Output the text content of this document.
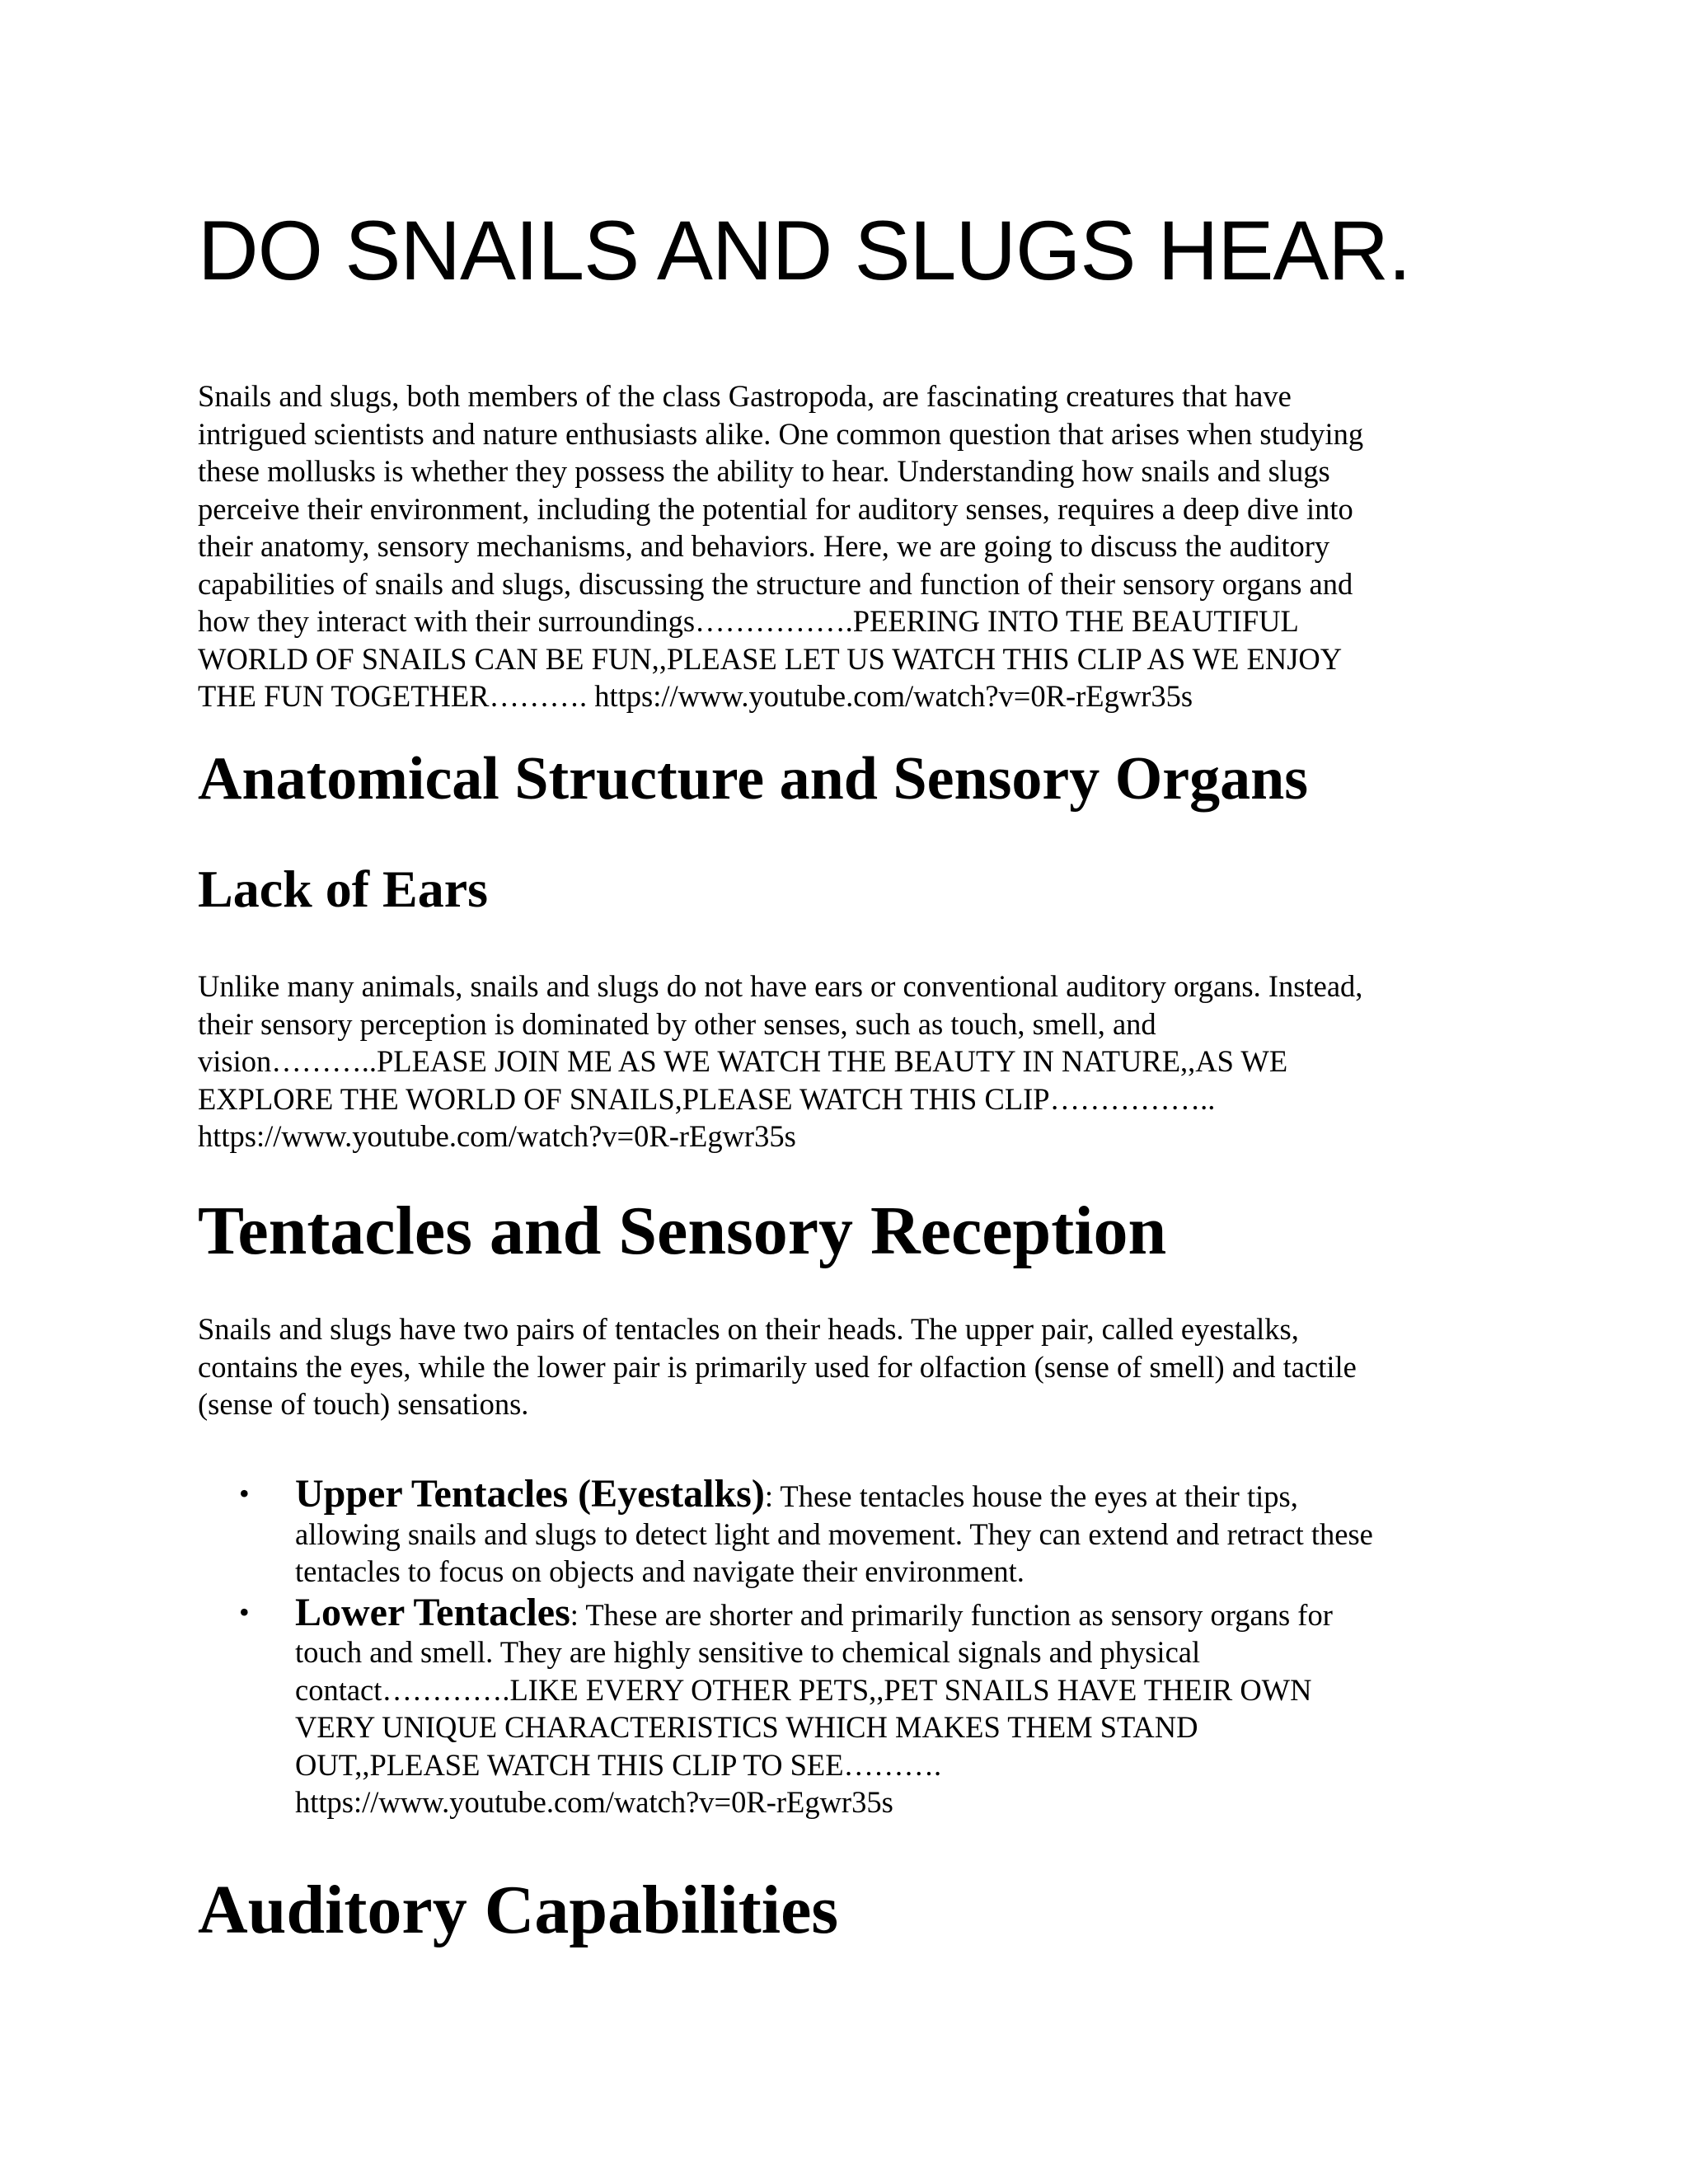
DO SNAILS AND SLUGS HEAR.

Snails and slugs, both members of the class Gastropoda, are fascinating creatures that have
intrigued scientists and nature enthusiasts alike. One common question that arises when studying
these mollusks is whether they possess the ability to hear. Understanding how snails and slugs
perceive their environment, including the potential for auditory senses, requires a deep dive into
their anatomy, sensory mechanisms, and behaviors. Here, we are going to discuss the auditory
capabilities of snails and slugs, discussing the structure and function of their sensory organs and
how they interact with their surroundings…………….PEERING INTO THE BEAUTIFUL
WORLD OF SNAILS CAN BE FUN,,PLEASE LET US WATCH THIS CLIP AS WE ENJOY
THE FUN TOGETHER………. https://www.youtube.com/watch?v=0R-rEgwr35s

Anatomical Structure and Sensory Organs
Lack of Ears

Unlike many animals, snails and slugs do not have ears or conventional auditory organs. Instead,
their sensory perception is dominated by other senses, such as touch, smell, and
vision………..PLEASE JOIN ME AS WE WATCH THE BEAUTY IN NATURE,,AS WE
EXPLORE THE WORLD OF SNAILS,PLEASE WATCH THIS CLIP……………..
https://www.youtube.com/watch?v=0R-rEgwr35s

Tentacles and Sensory Reception

Snails and slugs have two pairs of tentacles on their heads. The upper pair, called eyestalks,
contains the eyes, while the lower pair is primarily used for olfaction (sense of smell) and tactile
(sense of touch) sensations.

• Upper Tentacles (Eyestalks): These tentacles house the eyes at their tips,
allowing snails and slugs to detect light and movement. They can extend and retract these
tentacles to focus on objects and navigate their environment.
• Lower Tentacles: These are shorter and primarily function as sensory organs for
touch and smell. They are highly sensitive to chemical signals and physical
contact………….LIKE EVERY OTHER PETS,,PET SNAILS HAVE THEIR OWN
VERY UNIQUE CHARACTERISTICS WHICH MAKES THEM STAND
OUT,,PLEASE WATCH THIS CLIP TO SEE……….
https://www.youtube.com/watch?v=0R-rEgwr35s
Auditory Capabilities
